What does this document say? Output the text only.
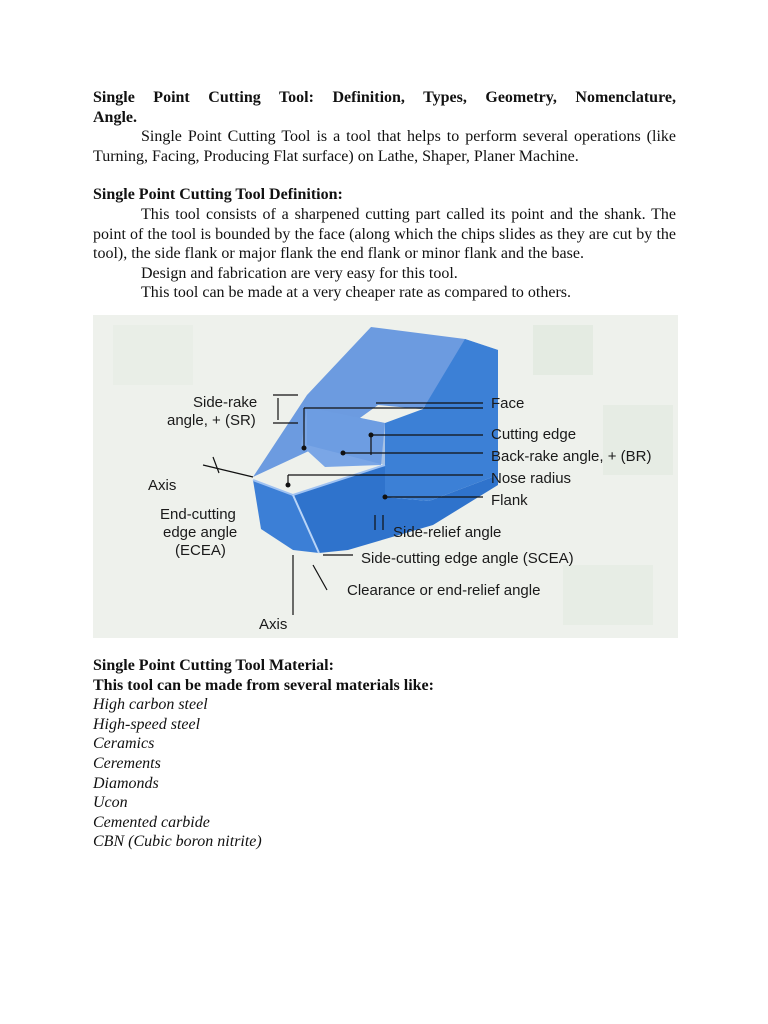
Single Point Cutting Tool: Definition, Types, Geometry, Nomenclature,
Angle.

Single Point Cutting Tool is a tool that helps to perform several operations (like Turning, Facing, Producing Flat surface) on Lathe, Shaper, Planer Machine.

Single Point Cutting Tool Definition:

This tool consists of a sharpened cutting part called its point and the shank. The point of the tool is bounded by the face (along which the chips slides as they are cut by the tool), the side flank or major flank the end flank or minor flank and the base.

Design and fabrication are very easy for this tool.

This tool can be made at a very cheaper rate as compared to others.

Side-rake
angle, + (SR)
Axis
End-cutting
edge angle
(ECEA)
Axis
Face
Cutting edge
Back-rake angle, + (BR)
Nose radius
Flank
Side-relief angle
Side-cutting edge angle (SCEA)
Clearance or end-relief angle

Single Point Cutting Tool Material:

This tool can be made from several materials like:

High carbon steel

High-speed steel

Ceramics

Cerements

Diamonds

Ucon

Cemented carbide

CBN (Cubic boron nitrite)
